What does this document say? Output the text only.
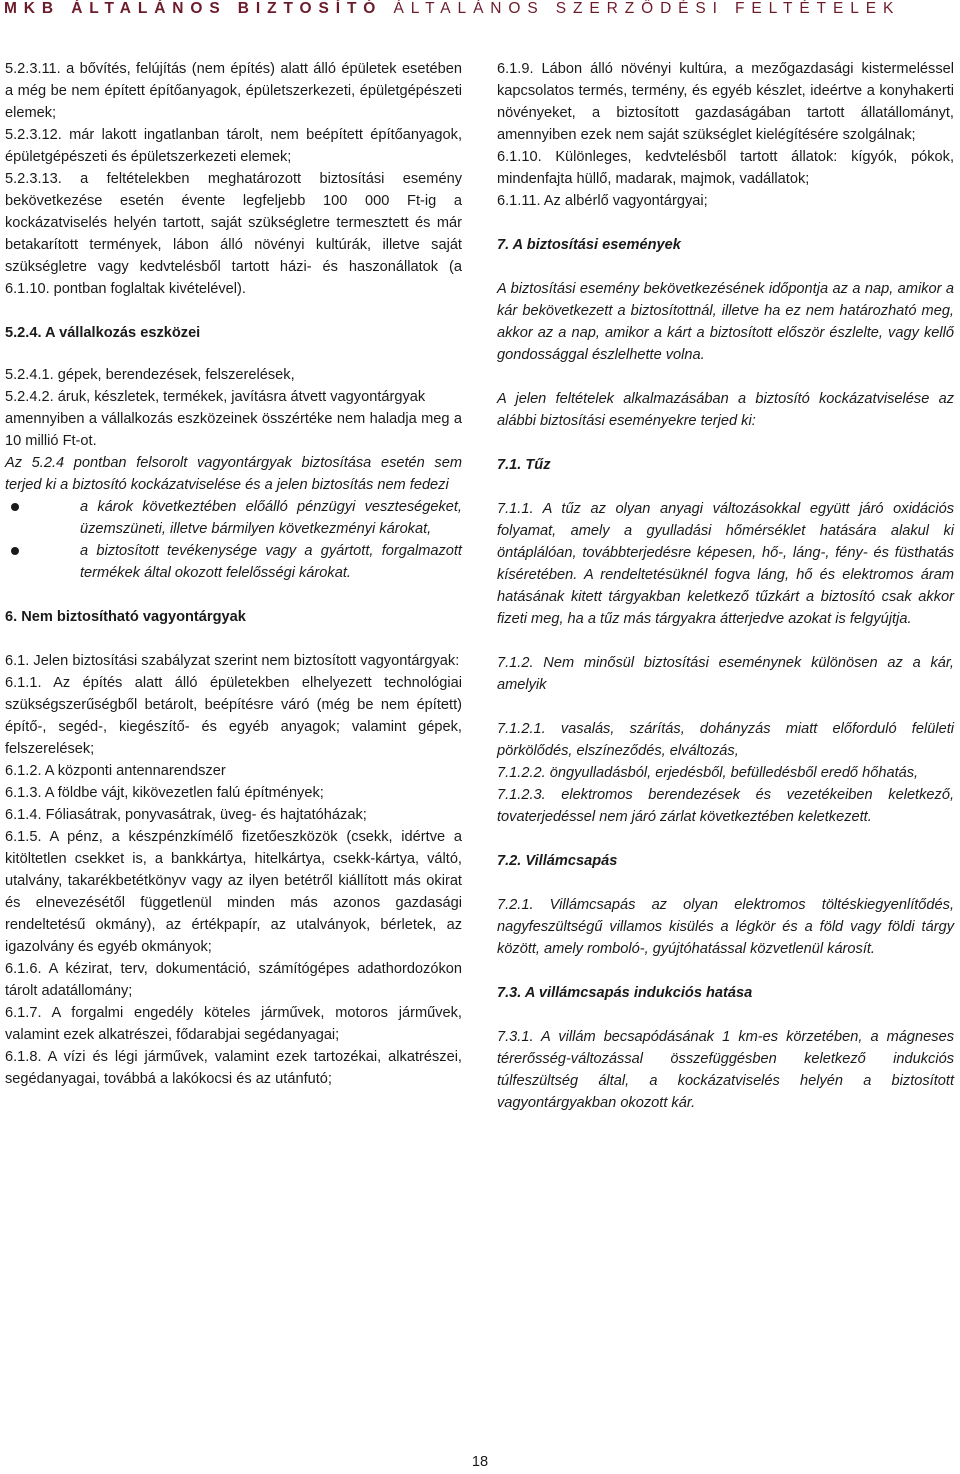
MKB ÁLTALÁNOS BIZTOSÍTÓ ÁLTALÁNOS SZERZŐDÉSI FELTÉTELEK

5.2.3.11. a bővítés, felújítás (nem építés) alatt álló épületek esetében a még be nem épített építőanyagok, épületszerkezeti, épületgépészeti elemek;

5.2.3.12. már lakott ingatlanban tárolt, nem beépített építőanyagok, épületgépészeti és épületszerkezeti elemek;

5.2.3.13. a feltételekben meghatározott biztosítási esemény bekövetkezése esetén évente legfeljebb 100 000 Ft-ig a kockázatviselés helyén tartott, saját szükségletre termesztett és már betakarított termények, lábon álló növényi kultúrák, illetve saját szükségletre vagy kedvtelésből tartott házi- és haszonállatok (a 6.1.10. pontban foglaltak kivételével).

5.2.4. A vállalkozás eszközei

5.2.4.1. gépek, berendezések, felszerelések,

5.2.4.2. áruk, készletek, termékek, javításra átvett vagyontárgyak

amennyiben a vállalkozás eszközeinek összértéke nem haladja meg a 10 millió Ft-ot.

Az 5.2.4 pontban felsorolt vagyontárgyak biztosítása esetén sem terjed ki a biztosító kockázatviselése és a jelen biztosítás nem fedezi

a károk következtében előálló pénzügyi veszteségeket, üzemszüneti, illetve bármilyen következményi károkat,

a biztosított tevékenysége vagy a gyártott, forgalmazott termékek által okozott felelősségi károkat.

6. Nem biztosítható vagyontárgyak

6.1. Jelen biztosítási szabályzat szerint nem biztosított vagyontárgyak:

6.1.1. Az építés alatt álló épületekben elhelyezett technológiai szükségszerűségből betárolt, beépítésre váró (még be nem épített) építő-, segéd-, kiegészítő- és egyéb anyagok; valamint gépek, felszerelések;

6.1.2. A központi antennarendszer

6.1.3. A földbe vájt, kikövezetlen falú építmények;

6.1.4. Fóliasátrak, ponyvasátrak, üveg- és hajtatóházak;

6.1.5. A pénz, a készpénzkímélő fizetőeszközök (csekk, idértve a kitöltetlen csekket is, a bankkártya, hitelkártya, csekk-kártya, váltó, utalvány, takarékbetétkönyv vagy az ilyen betétről kiállított más okirat és elnevezésétől függetlenül minden más azonos gazdasági rendeltetésű okmány), az értékpapír, az utalványok, bérletek, az igazolvány és egyéb okmányok;

6.1.6. A kézirat, terv, dokumentáció, számítógépes adathordozókon tárolt adatállomány;

6.1.7. A forgalmi engedély köteles járművek, motoros járművek, valamint ezek alkatrészei, fődarabjai segédanyagai;

6.1.8. A vízi és légi járművek, valamint ezek tartozékai, alkatrészei, segédanyagai, továbbá a lakókocsi és az utánfutó;

6.1.9. Lábon álló növényi kultúra, a mezőgazdasági kistermeléssel kapcsolatos termés, termény, és egyéb készlet, ideértve a konyhakerti növényeket, a biztosított gazdaságában tartott állatállományt, amennyiben ezek nem saját szükséglet kielégítésére szolgálnak;

6.1.10. Különleges, kedvtelésből tartott állatok: kígyók, pókok, mindenfajta hüllő, madarak, majmok, vadállatok;

6.1.11. Az albérlő vagyontárgyai;

7. A biztosítási események

A biztosítási esemény bekövetkezésének időpontja az a nap, amikor a kár bekövetkezett a biztosítottnál, illetve ha ez nem határozható meg, akkor az a nap, amikor a kárt a biztosított először észlelte, vagy kellő gondossággal észlelhette volna.

A jelen feltételek alkalmazásában a biztosító kockázatviselése az alábbi biztosítási eseményekre terjed ki:

7.1. Tűz

7.1.1. A tűz az olyan anyagi változásokkal együtt járó oxidációs folyamat, amely a gyulladási hőmérséklet hatására alakul ki öntáplálóan, továbbterjedésre képesen, hő-, láng-, fény- és füsthatás kíséretében. A rendeltetésüknél fogva láng, hő és elektromos áram hatásának kitett tárgyakban keletkező tűzkárt a biztosító csak akkor fizeti meg, ha a tűz más tárgyakra átterjedve azokat is felgyújtja.

7.1.2. Nem minősül biztosítási eseménynek különösen az a kár, amelyik

7.1.2.1. vasalás, szárítás, dohányzás miatt előforduló felületi pörkölődés, elszíneződés, elváltozás,

7.1.2.2. öngyulladásból, erjedésből, befülledésből eredő hőhatás,

7.1.2.3. elektromos berendezések és vezetékeiben keletkező, tovaterjedéssel nem járó zárlat következtében keletkezett.

7.2. Villámcsapás

7.2.1. Villámcsapás az olyan elektromos töltéskiegyenlítődés, nagyfeszültségű villamos kisülés a légkör és a föld vagy földi tárgy között, amely romboló-, gyújtóhatással közvetlenül károsít.

7.3. A villámcsapás indukciós hatása

7.3.1. A villám becsapódásának 1 km-es körzetében, a mágneses térerősség-változással összefüggésben keletkező indukciós túlfeszültség által, a kockázatviselés helyén a biztosított vagyontárgyakban okozott kár.

18
